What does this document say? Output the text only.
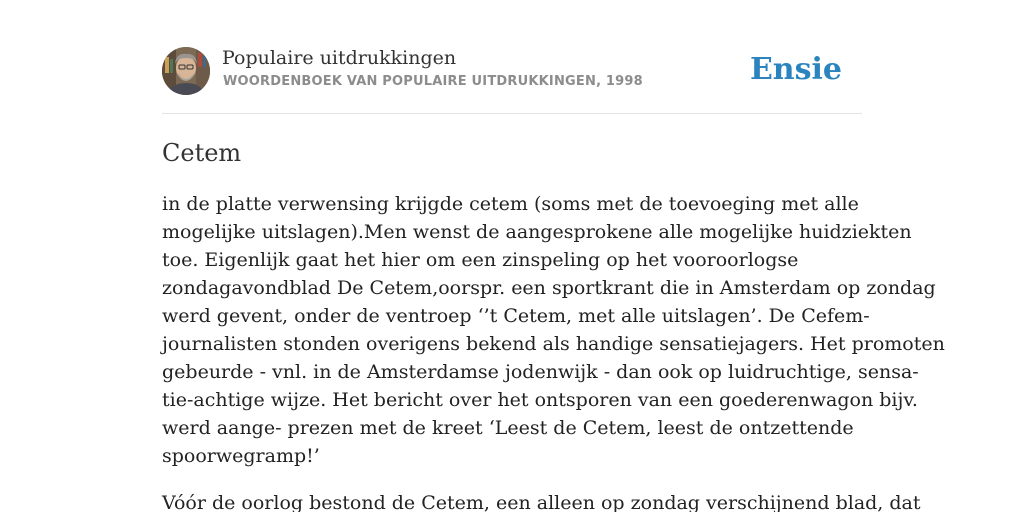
Populaire uitdrukkingen
WOORDENBOEK VAN POPULAIRE UITDRUKKINGEN, 1998	Ensie
Cetem
in de platte verwensing krijgde cetem (soms met de toevoeging met alle
mogelijke uitslagen).Men wenst de aangesprokene alle mogelijke huidziekten
toe. Eigenlijk gaat het hier om een zinspeling op het vooroorlogse
zondagavondblad De Cetem,oorspr. een sportkrant die in Amsterdam op zondag
werd gevent, onder de ventroep ‘’t Cetem, met alle uitslagen’. De Cefem-
journalisten stonden overigens bekend als handige sensatiejagers. Het promoten
gebeurde - vnl. in de Amsterdamse jodenwijk - dan ook op luidruchtige, sensa-
tie-achtige wijze. Het bericht over het ontsporen van een goederenwagon bijv.
werd aange- prezen met de kreet ‘Leest de Cetem, leest de ontzettende
spoorwegramp!’
Vóór de oorlog bestond de Cetem, een alleen op zondag verschijnend blad, dat
